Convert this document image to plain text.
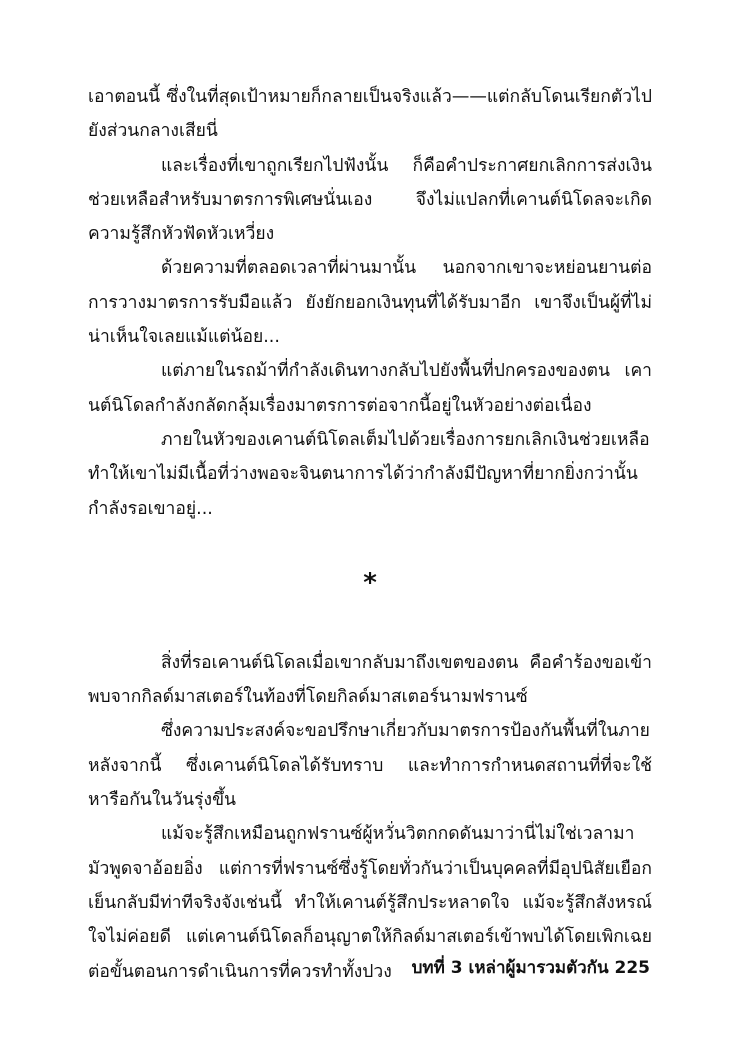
เอาตอนนี้ ซึ่งในที่สุดเป้าหมายก็กลายเป็นจริงแล้ว——แต่กลับโดนเรียกตัวไปยังส่วนกลางเสียนี่

และเรื่องที่เขาถูกเรียกไปฟังนั้น ก็คือคำประกาศยกเลิกการส่งเงินช่วยเหลือสำหรับมาตรการพิเศษนั่นเอง จึงไม่แปลกที่เคานต์นิโดลจะเกิดความรู้สึกหัวฟัดหัวเหวี่ยง

ด้วยความที่ตลอดเวลาที่ผ่านมานั้น นอกจากเขาจะหย่อนยานต่อการวางมาตรการรับมือแล้ว ยังยักยอกเงินทุนที่ได้รับมาอีก เขาจึงเป็นผู้ที่ไม่น่าเห็นใจเลยแม้แต่น้อย...

แต่ภายในรถม้าที่กำลังเดินทางกลับไปยังพื้นที่ปกครองของตน เคานต์นิโดลกำลังกลัดกลุ้มเรื่องมาตรการต่อจากนี้อยู่ในหัวอย่างต่อเนื่อง

ภายในหัวของเคานต์นิโดลเต็มไปด้วยเรื่องการยกเลิกเงินช่วยเหลือ ทำให้เขาไม่มีเนื้อที่ว่างพอจะจินตนาการได้ว่ากำลังมีปัญหาที่ยากยิ่งกว่านั้นกำลังรอเขาอยู่...

*

สิ่งที่รอเคานต์นิโดลเมื่อเขากลับมาถึงเขตของตน คือคำร้องขอเข้าพบจากกิลด์มาสเตอร์ในท้องที่โดยกิลด์มาสเตอร์นามฟรานซ์

ซึ่งความประสงค์จะขอปรึกษาเกี่ยวกับมาตรการป้องกันพื้นที่ในภายหลังจากนี้ ซึ่งเคานต์นิโดลได้รับทราบ และทำการกำหนดสถานที่ที่จะใช้หารือกันในวันรุ่งขึ้น

แม้จะรู้สึกเหมือนถูกฟรานซ์ผู้หวั่นวิตกกดดันมาว่านี่ไม่ใช่เวลามามัวพูดจาอ้อยอิ่ง แต่การที่ฟรานซ์ซึ่งรู้โดยทั่วกันว่าเป็นบุคคลที่มีอุปนิสัยเยือกเย็นกลับมีท่าทีจริงจังเช่นนี้ ทำให้เคานต์รู้สึกประหลาดใจ แม้จะรู้สึกสังหรณ์ใจไม่ค่อยดี แต่เคานต์นิโดลก็อนุญาตให้กิลด์มาสเตอร์เข้าพบได้โดยเพิกเฉยต่อขั้นตอนการดำเนินการที่ควรทำทั้งปวง	บทที่ 3 เหล่าผู้มารวมตัวกัน 225
